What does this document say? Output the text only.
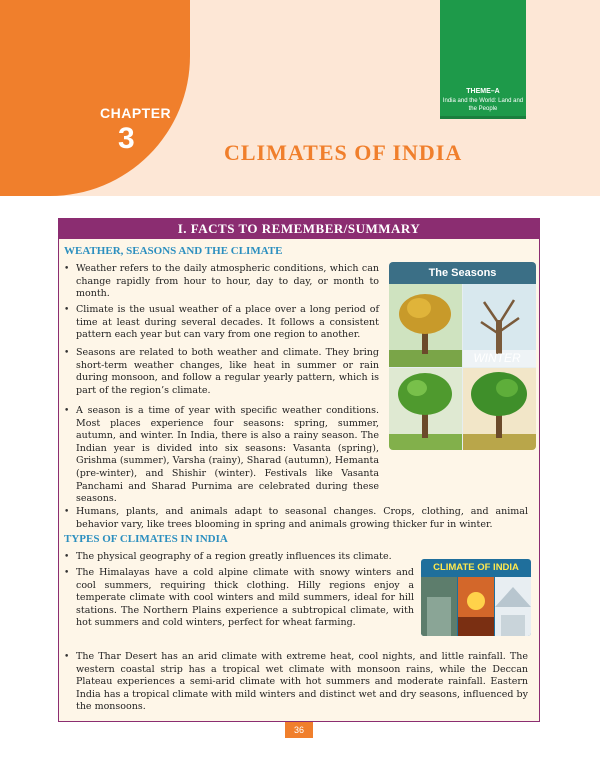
CHAPTER
3	CLIMATES OF INDIA
THEME–A
India and the World: Land and the People
I. FACTS TO REMEMBER/SUMMARY
WEATHER, SEASONS AND THE CLIMATE
The Seasons
WINTER
• Weather refers to the daily atmospheric conditions, which can change rapidly from hour to hour, day to day, or month to month.
• Climate is the usual weather of a place over a long period of time at least during several decades. It follows a consistent pattern each year but can vary from one region to another.
• Seasons are related to both weather and climate. They bring short-term weather changes, like heat in summer or rain during monsoon, and follow a regular yearly pattern, which is part of the region’s climate.
• A season is a time of year with specific weather conditions. Most places experience four seasons: spring, summer, autumn, and winter. In India, there is also a rainy season. The Indian year is divided into six seasons: Vasanta (spring), Grishma (summer), Varsha (rainy), Sharad (autumn), Hemanta (pre-winter), and Shishir (winter). Festivals like Vasanta Panchami and Sharad Purnima are celebrated during these seasons.
• Humans, plants, and animals adapt to seasonal changes. Crops, clothing, and animal behavior vary, like trees blooming in spring and animals growing thicker fur in winter.
TYPES OF CLIMATES IN INDIA
CLIMATE OF INDIA
• The physical geography of a region greatly influences its climate.
• The Himalayas have a cold alpine climate with snowy winters and cool summers, requiring thick clothing. Hilly regions enjoy a temperate climate with cool winters and mild summers, ideal for hill stations. The Northern Plains experience a subtropical climate, with hot summers and cold winters, perfect for wheat farming.
• The Thar Desert has an arid climate with extreme heat, cool nights, and little rainfall. The western coastal strip has a tropical wet climate with monsoon rains, while the Deccan Plateau experiences a semi-arid climate with hot summers and moderate rainfall. Eastern India has a tropical climate with mild winters and distinct wet and dry seasons, influenced by the monsoons.
36
